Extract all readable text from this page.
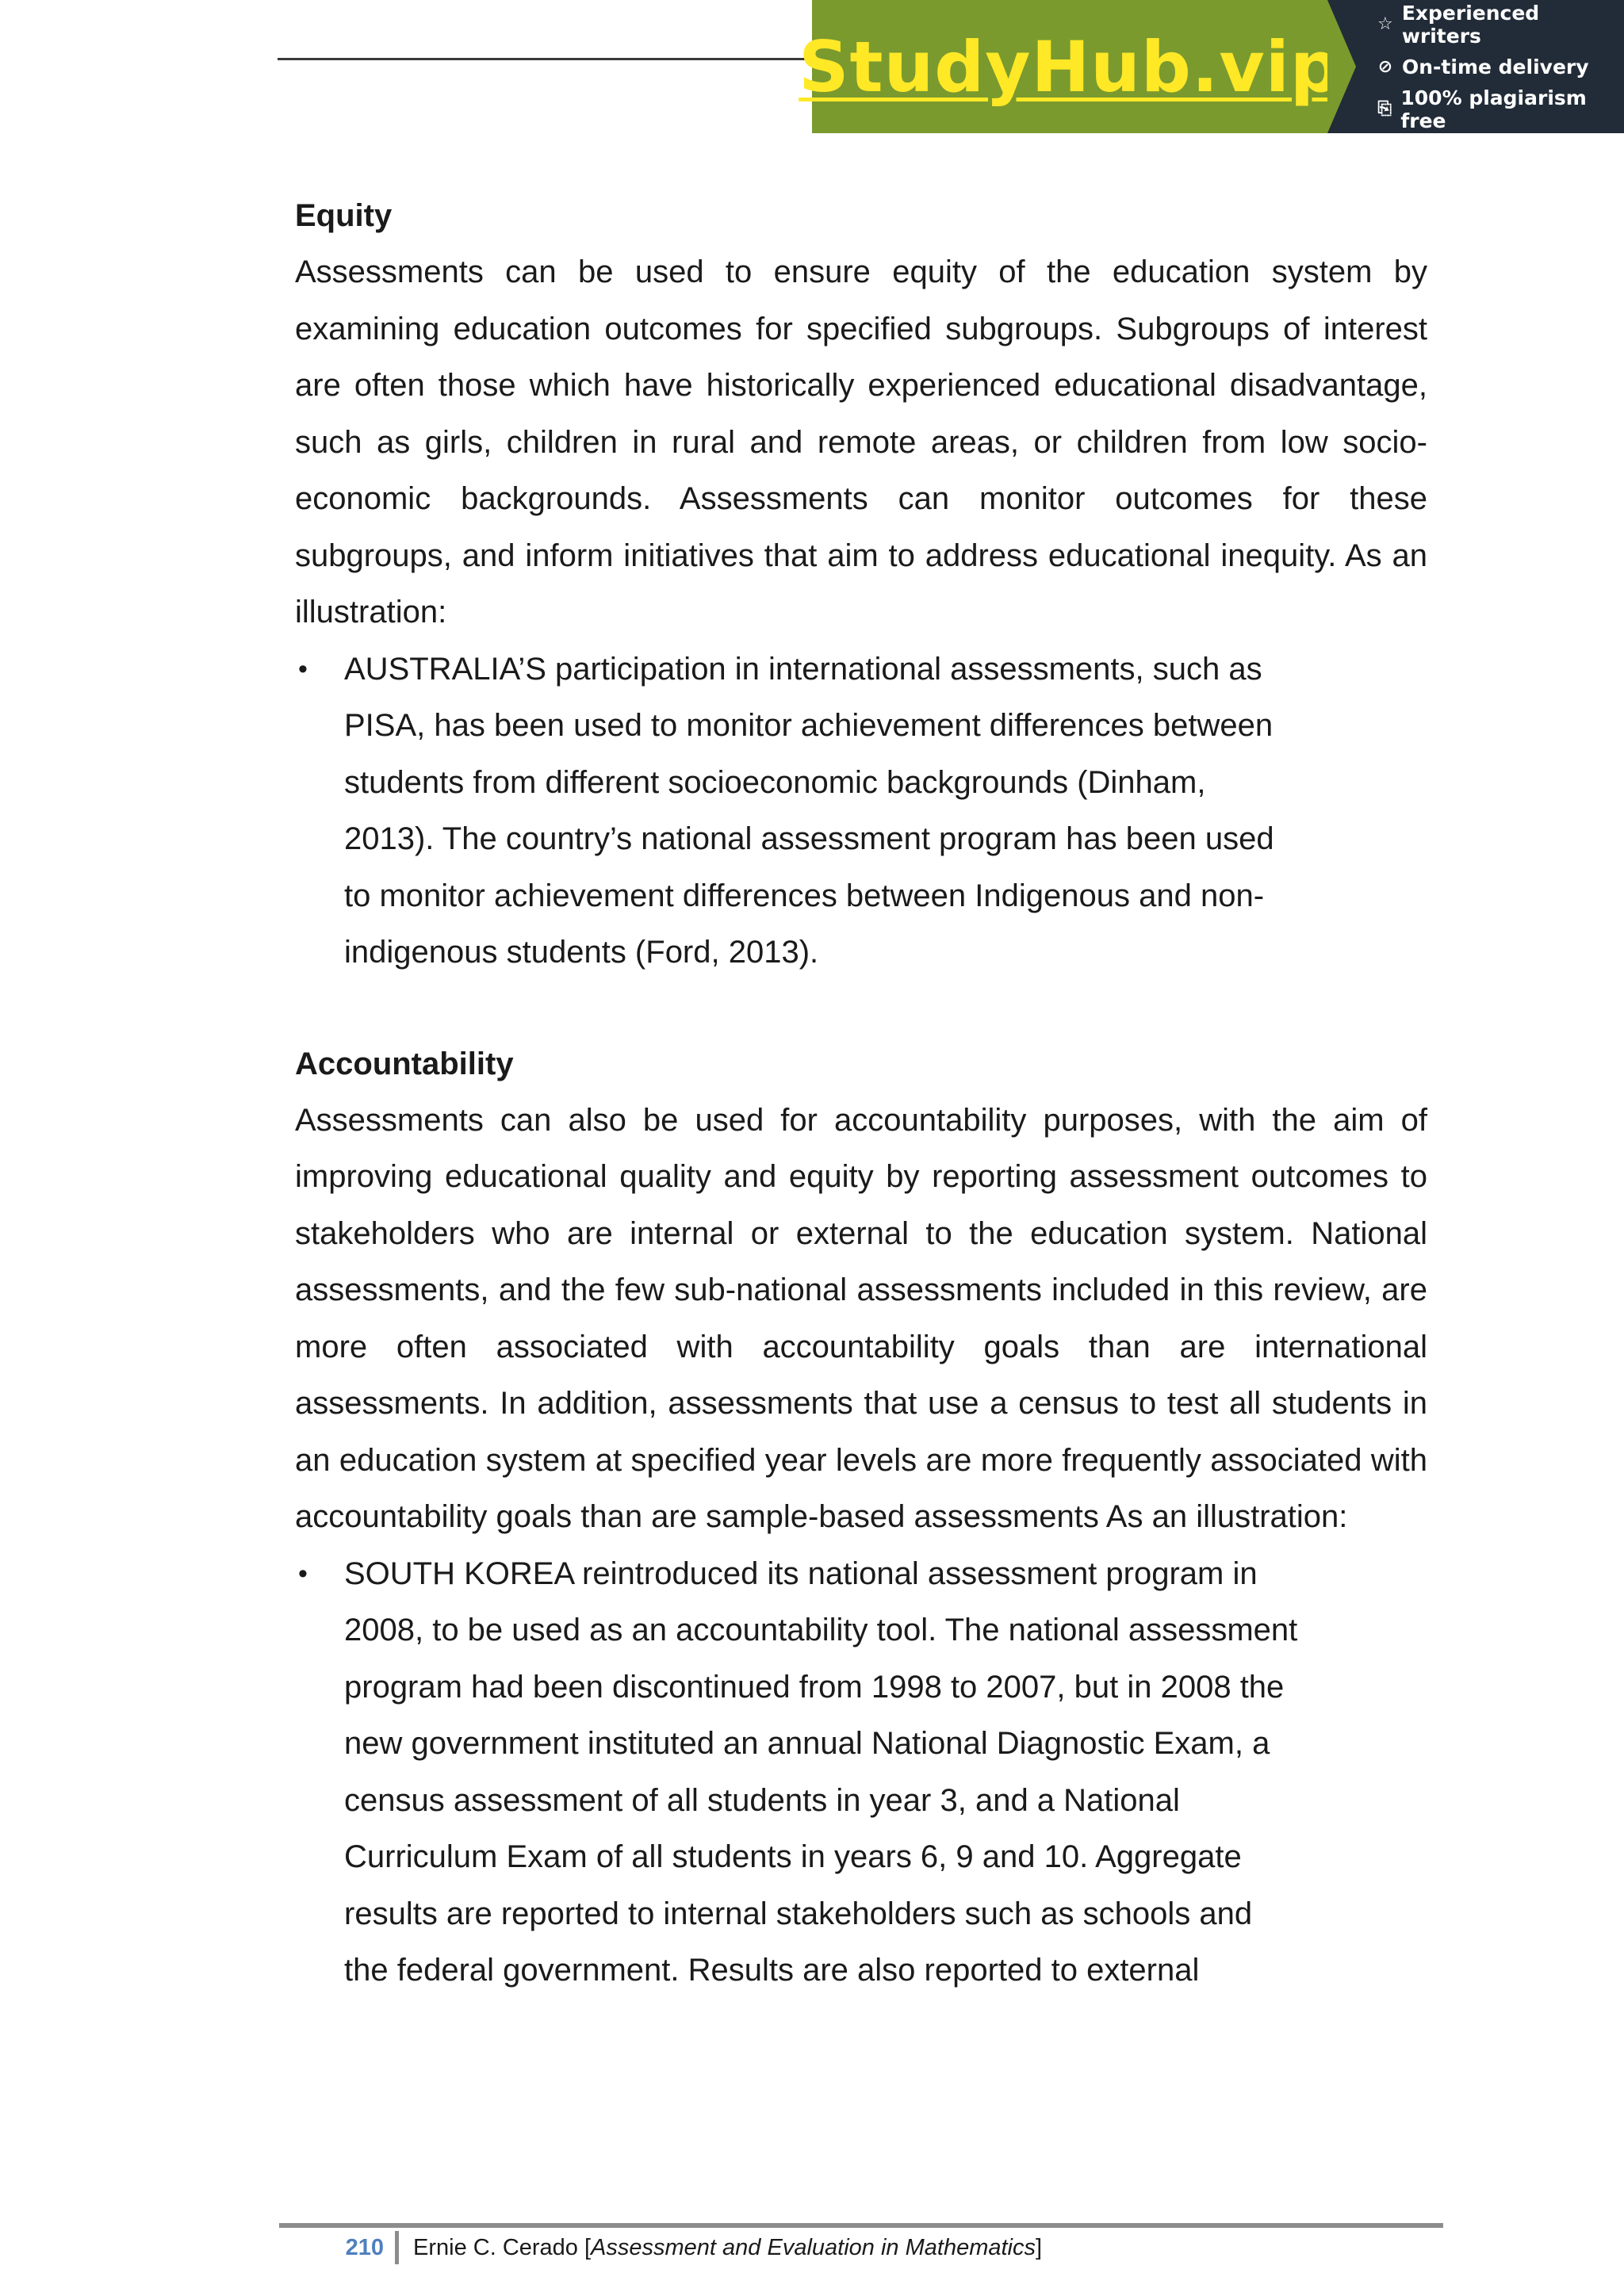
StudyHub.vip
☆ Experienced writers
⊘ On-time delivery
⎘ 100% plagiarism free
Equity

Assessments can be used to ensure equity of the education system by examining education outcomes for specified subgroups. Subgroups of interest are often those which have historically experienced educational disadvantage, such as girls, children in rural and remote areas, or children from low socio-economic backgrounds. Assessments can monitor outcomes for these subgroups, and inform initiatives that aim to address educational inequity. As an illustration:

• AUSTRALIA’S participation in international assessments, such as
PISA, has been used to monitor achievement differences between
students from different socioeconomic backgrounds (Dinham,
2013). The country’s national assessment program has been used
to monitor achievement differences between Indigenous and non-
indigenous students (Ford, 2013).
Accountability

Assessments can also be used for accountability purposes, with the aim of improving educational quality and equity by reporting assessment outcomes to stakeholders who are internal or external to the education system. National assessments, and the few sub-national assessments included in this review, are more often associated with accountability goals than are international assessments. In addition, assessments that use a census to test all students in an education system at specified year levels are more frequently associated with accountability goals than are sample-based assessments As an illustration:

• SOUTH KOREA reintroduced its national assessment program in
2008, to be used as an accountability tool. The national assessment
program had been discontinued from 1998 to 2007, but in 2008 the
new government instituted an annual National Diagnostic Exam, a
census assessment of all students in year 3, and a National
Curriculum Exam of all students in years 6, 9 and 10. Aggregate
results are reported to internal stakeholders such as schools and
the federal government. Results are also reported to external
210	Ernie C. Cerado [Assessment and Evaluation in Mathematics]
